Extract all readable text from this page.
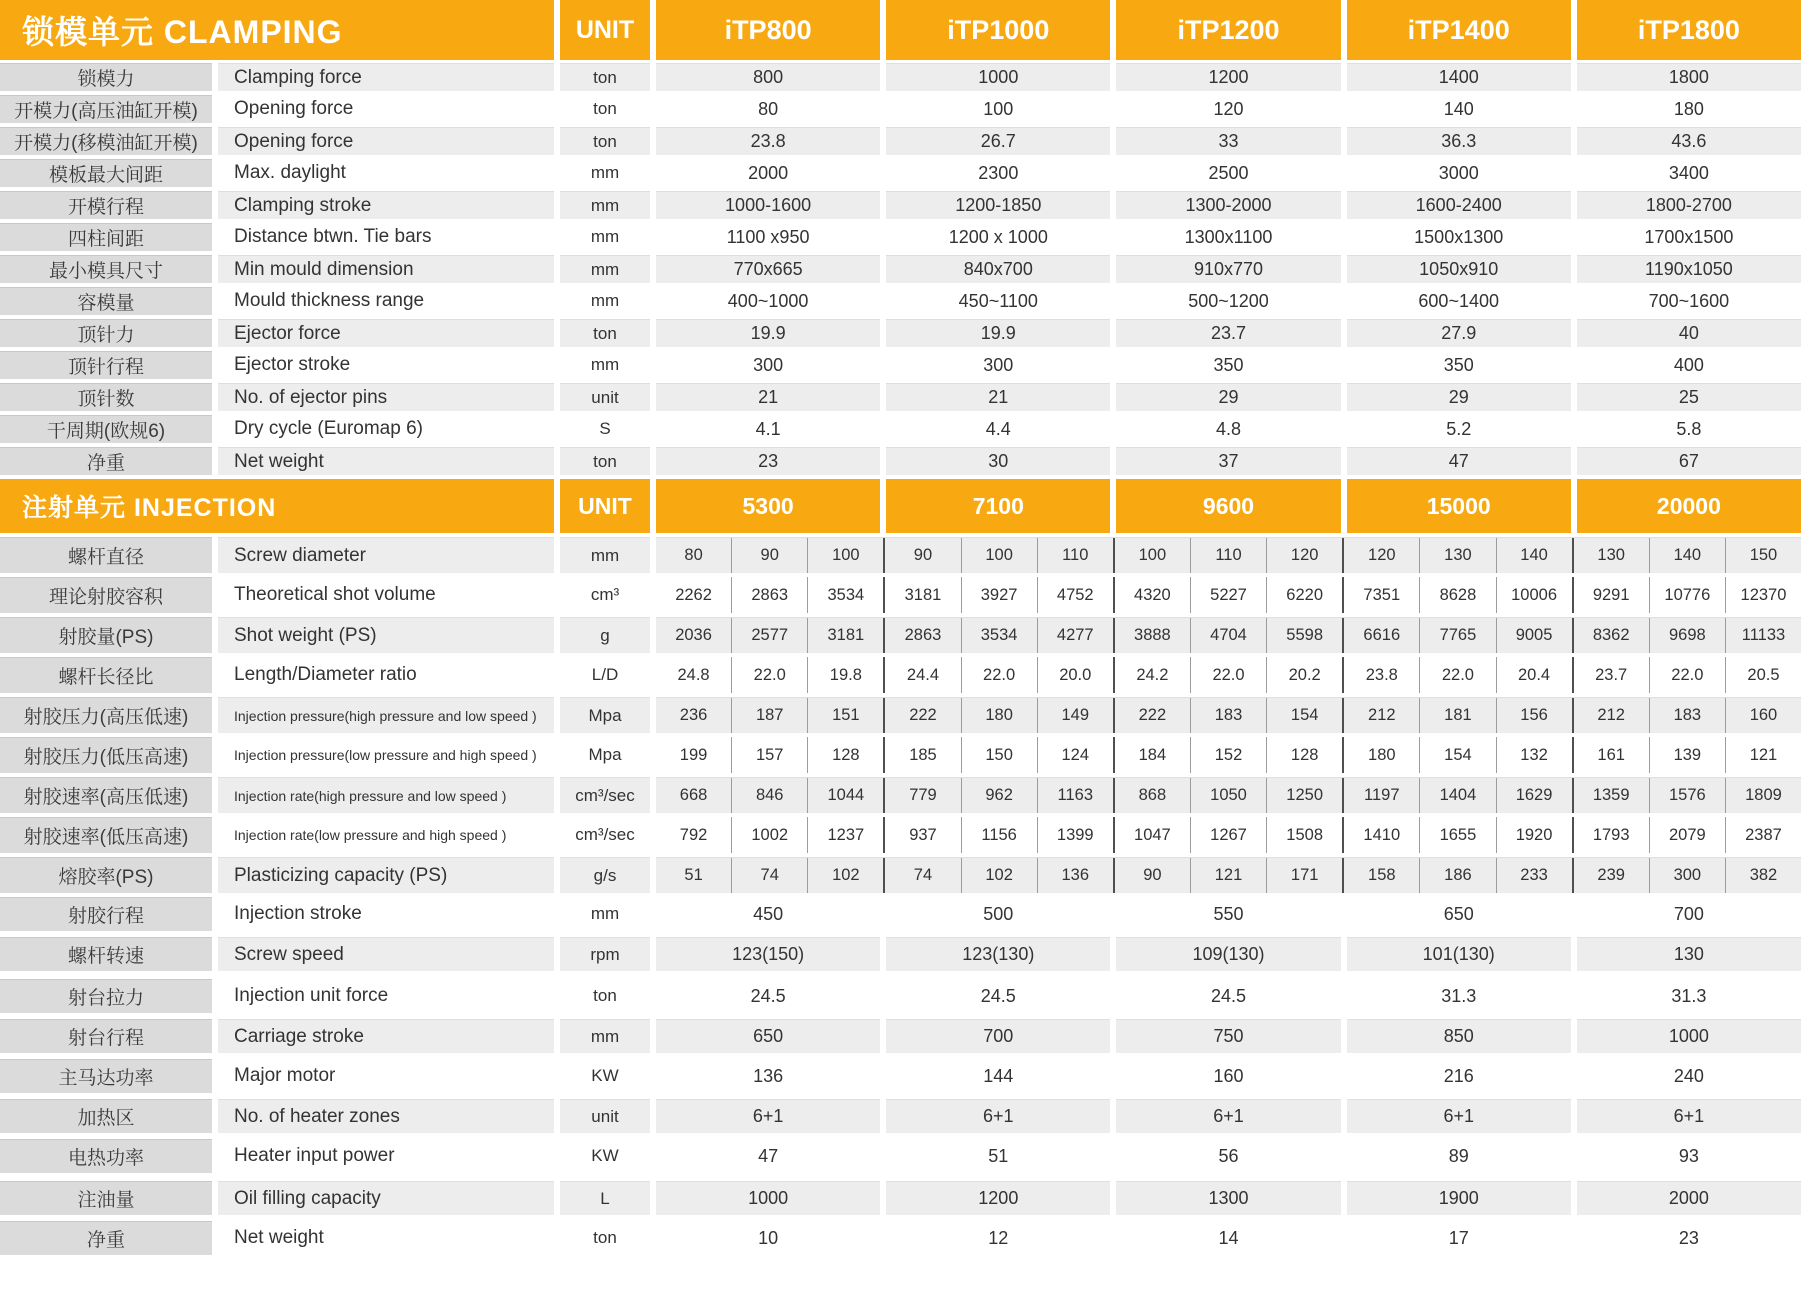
锁模单元 CLAMPING	UNIT	iTP800	iTP1000	iTP1200	iTP1400	iTP1800
锁模力	Clamping force	ton	800	1000	1200	1400	1800
开模力(高压油缸开模)	Opening force	ton	80	100	120	140	180
开模力(移模油缸开模)	Opening force	ton	23.8	26.7	33	36.3	43.6
模板最大间距	Max. daylight	mm	2000	2300	2500	3000	3400
开模行程	Clamping stroke	mm	1000-1600	1200-1850	1300-2000	1600-2400	1800-2700
四柱间距	Distance btwn. Tie bars	mm	1100 x950	1200 x 1000	1300x1100	1500x1300	1700x1500
最小模具尺寸	Min mould dimension	mm	770x665	840x700	910x770	1050x910	1190x1050
容模量	Mould thickness range	mm	400~1000	450~1100	500~1200	600~1400	700~1600
顶针力	Ejector force	ton	19.9	19.9	23.7	27.9	40
顶针行程	Ejector stroke	mm	300	300	350	350	400
顶针数	No. of ejector pins	unit	21	21	29	29	25
干周期(欧规6)	Dry cycle (Euromap 6)	S	4.1	4.4	4.8	5.2	5.8
净重	Net weight	ton	23	30	37	47	67
注射单元 INJECTION	UNIT	5300	7100	9600	15000	20000
螺杆直径	Screw diameter	mm	80	90	100	90	100	110	100	110	120	120	130	140	130	140	150
理论射胶容积	Theoretical shot volume	cm³	2262	2863	3534	3181	3927	4752	4320	5227	6220	7351	8628	10006	9291	10776	12370
射胶量(PS)	Shot weight (PS)	g	2036	2577	3181	2863	3534	4277	3888	4704	5598	6616	7765	9005	8362	9698	11133
螺杆长径比	Length/Diameter ratio	L/D	24.8	22.0	19.8	24.4	22.0	20.0	24.2	22.0	20.2	23.8	22.0	20.4	23.7	22.0	20.5
射胶压力(高压低速)	Injection pressure(high pressure and low speed )	Mpa	236	187	151	222	180	149	222	183	154	212	181	156	212	183	160
射胶压力(低压高速)	Injection pressure(low pressure and high speed )	Mpa	199	157	128	185	150	124	184	152	128	180	154	132	161	139	121
射胶速率(高压低速)	Injection rate(high pressure and low speed )	cm³/sec	668	846	1044	779	962	1163	868	1050	1250	1197	1404	1629	1359	1576	1809
射胶速率(低压高速)	Injection rate(low pressure and high speed )	cm³/sec	792	1002	1237	937	1156	1399	1047	1267	1508	1410	1655	1920	1793	2079	2387
熔胶率(PS)	Plasticizing capacity (PS)	g/s	51	74	102	74	102	136	90	121	171	158	186	233	239	300	382
射胶行程	Injection stroke	mm	450	500	550	650	700
螺杆转速	Screw speed	rpm	123(150)	123(130)	109(130)	101(130)	130
射台拉力	Injection unit force	ton	24.5	24.5	24.5	31.3	31.3
射台行程	Carriage stroke	mm	650	700	750	850	1000
主马达功率	Major motor	KW	136	144	160	216	240
加热区	No. of heater zones	unit	6+1	6+1	6+1	6+1	6+1
电热功率	Heater input power	KW	47	51	56	89	93
注油量	Oil filling capacity	L	1000	1200	1300	1900	2000
净重	Net weight	ton	10	12	14	17	23
